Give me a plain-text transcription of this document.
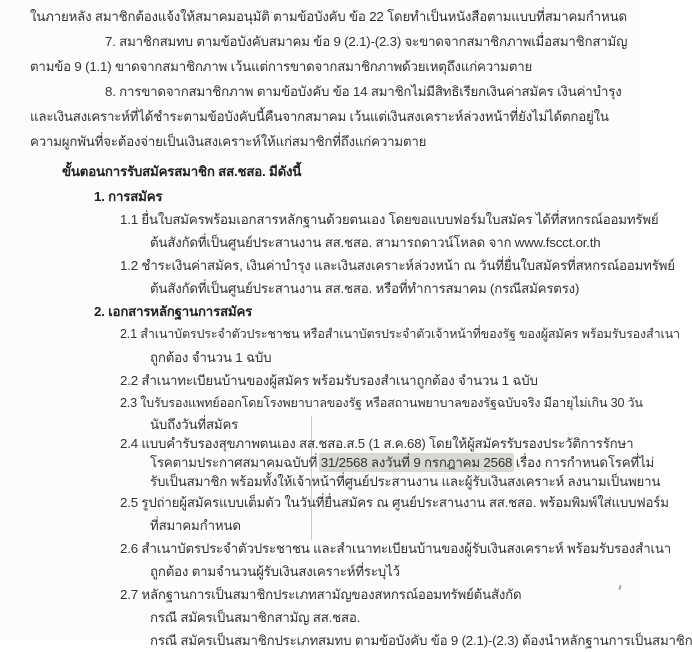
ในภายหลัง สมาชิกต้องแจ้งให้สมาคมอนุมัติ ตามข้อบังคับ ข้อ 22 โดยทำเป็นหนังสือตามแบบที่สมาคมกำหนด
7. สมาชิกสมทบ ตามข้อบังคับสมาคม ข้อ 9 (2.1)-(2.3) จะขาดจากสมาชิกภาพเมื่อสมาชิกสามัญ
ตามข้อ 9 (1.1) ขาดจากสมาชิกภาพ เว้นแต่การขาดจากสมาชิกภาพด้วยเหตุถึงแก่ความตาย
8. การขาดจากสมาชิกภาพ ตามข้อบังคับ ข้อ 14 สมาชิกไม่มีสิทธิเรียกเงินค่าสมัคร เงินค่าบำรุง
และเงินสงเคราะห์ที่ได้ชำระตามข้อบังคับนี้คืนจากสมาคม เว้นแต่เงินสงเคราะห์ล่วงหน้าที่ยังไม่ได้ตกอยู่ใน
ความผูกพันที่จะต้องจ่ายเป็นเงินสงเคราะห์ให้แก่สมาชิกที่ถึงแก่ความตาย
ขั้นตอนการรับสมัครสมาชิก สส.ชสอ. มีดังนี้
1. การสมัคร
1.1 ยื่นใบสมัครพร้อมเอกสารหลักฐานด้วยตนเอง โดยขอแบบฟอร์มใบสมัคร ได้ที่สหกรณ์ออมทรัพย์
ต้นสังกัดที่เป็นศูนย์ประสานงาน สส.ชสอ. สามารถดาวน์โหลด จาก www.fscct.or.th
1.2 ชำระเงินค่าสมัคร, เงินค่าบำรุง และเงินสงเคราะห์ล่วงหน้า ณ วันที่ยื่นใบสมัครที่สหกรณ์ออมทรัพย์
ต้นสังกัดที่เป็นศูนย์ประสานงาน สส.ชสอ. หรือที่ทำการสมาคม (กรณีสมัครตรง)
2. เอกสารหลักฐานการสมัคร
2.1 สำเนาบัตรประจำตัวประชาชน หรือสำเนาบัตรประจำตัวเจ้าหน้าที่ของรัฐ ของผู้สมัคร พร้อมรับรองสำเนา
ถูกต้อง จำนวน 1 ฉบับ
2.2 สำเนาทะเบียนบ้านของผู้สมัคร พร้อมรับรองสำเนาถูกต้อง จำนวน 1 ฉบับ
2.3 ใบรับรองแพทย์ออกโดยโรงพยาบาลของรัฐ หรือสถานพยาบาลของรัฐฉบับจริง มีอายุไม่เกิน 30 วัน
นับถึงวันที่สมัคร
2.4 แบบคำรับรองสุขภาพตนเอง สส.ชสอ.ส.5 (1 ส.ค.68) โดยให้ผู้สมัครรับรองประวัติการรักษา
โรคตามประกาศสมาคมฉบับที่ 31/2568 ลงวันที่ 9 กรกฎาคม 2568 เรื่อง การกำหนดโรคที่ไม่
รับเป็นสมาชิก พร้อมทั้งให้เจ้าหน้าที่ศูนย์ประสานงาน และผู้รับเงินสงเคราะห์ ลงนามเป็นพยาน
2.5 รูปถ่ายผู้สมัครแบบเต็มตัว ในวันที่ยื่นสมัคร ณ ศูนย์ประสานงาน สส.ชสอ. พร้อมพิมพ์ใส่แบบฟอร์ม
ที่สมาคมกำหนด
2.6 สำเนาบัตรประจำตัวประชาชน และสำเนาทะเบียนบ้านของผู้รับเงินสงเคราะห์ พร้อมรับรองสำเนา
ถูกต้อง ตามจำนวนผู้รับเงินสงเคราะห์ที่ระบุไว้
2.7 หลักฐานการเป็นสมาชิกประเภทสามัญของสหกรณ์ออมทรัพย์ต้นสังกัด
กรณี สมัครเป็นสมาชิกสามัญ สส.ชสอ.
กรณี สมัครเป็นสมาชิกประเภทสมทบ ตามข้อบังคับ ข้อ 9 (2.1)-(2.3) ต้องนำหลักฐานการเป็นสมาชิก
